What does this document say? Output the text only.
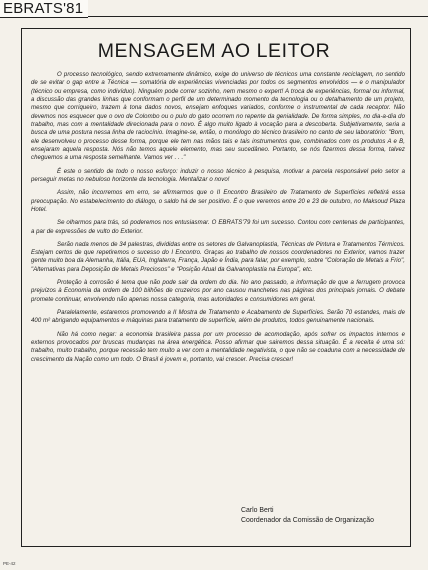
EBRATS'81
MENSAGEM AO LEITOR

O processo tecnológico, sendo extremamente dinâmico, exige do universo de técnicos uma constante reciclagem, no sentido de se evitar o gap entre a Técnica — somatória de experiências vivenciadas por todos os segmentos envolvidos — e o manipulador (técnico ou empresa, como indivíduo). Ninguém pode correr sozinho, nem mesmo o expert! A troca de experiências, formal ou informal, a discussão das grandes linhas que conformam o perfil de um determinado momento da tecnologia ou o detalhamento de um projeto, mesmo que corriqueiro, trazem à tona dados novos, ensejam enfoques variados, conforme o instrumental de cada receptor. Não devemos nos esquecer que o ovo de Colombo ou o pulo do gato ocorrem no repente da genialidade. De forma simples, no dia-a-dia do trabalho, mas com a mentalidade direcionada para o novo. É algo muito ligado à vocação para a descoberta. Subjetivamente, seria a busca de uma postura nessa linha de raciocínio. Imagine-se, então, o monólogo do técnico brasileiro no canto de seu laboratório: "Bom, ele desenvolveu o processo desse forma, porque ele tem nas mãos tais e tais instrumentos que, combinados com os produtos A e B, ensejaram aquela resposta. Nós não temos aquele elemento, mas seu sucedâneo. Portanto, se nós fizermos dessa forma, talvez cheguemos a uma resposta semelhante. Vamos ver . . ."

É este o sentido de todo o nosso esforço: induzir o nosso técnico à pesquisa, motivar a parcela responsável pelo setor a perseguir metas no nebuloso horizonte da tecnologia. Mentalizar o novo!

Assim, não incorremos em erro, se afirmarmos que o II Encontro Brasileiro de Tratamento de Superfícies refletirá essa preocupação. No estabelecimento do diálogo, o saldo há de ser positivo. É o que veremos entre 20 e 23 de outubro, no Maksoud Plaza Hotel.

Se olharmos para trás, só poderemos nos entusiasmar. O EBRATS'79 foi um sucesso. Contou com centenas de participantes, a par de expressões de vulto do Exterior.

Serão nada menos de 34 palestras, divididas entre os setores de Galvanoplastia, Técnicas de Pintura e Tratamentos Térmicos. Estejam certos de que repetiremos o sucesso do I Encontro. Graças ao trabalho de nossos coordenadores no Exterior, vamos trazer gente muito boa da Alemanha, Itália, EUA, Inglaterra, França, Japão e Índia, para falar, por exemplo, sobre "Coloração de Metais a Frio", "Alternativas para Deposição de Metais Preciosos" e "Posição Atual da Galvanoplastia na Europa", etc.

Proteção à corrosão é tema que não pode sair da ordem do dia. No ano passado, a informação de que a ferrugem provoca prejuízos à Economia da ordem de 100 bilhões de cruzeiros por ano causou manchetes nas páginas dos principais jornais. O debate promete continuar, envolvendo não apenas nossa categoria, mas autoridades e consumidores em geral.

Paralelamente, estaremos promovendo a II Mostra de Tratamento e Acabamento de Superfícies. Serão 70 estandes, mais de 400 m² abrigando equipamentos e máquinas para tratamento de superfície, além de produtos, todos genuinamente nacionais.

Não há como negar: a economia brasileira passa por um processo de acomodação, após sofrer os impactos internos e externos provocados por bruscas mudanças na área energética. Posso afirmar que sairemos dessa situação. É a receita é uma só: trabalho, muito trabalho, porque recessão tem muito a ver com a mentalidade negativista, o que não se coaduna com a necessidade de crescimento da Nação como um todo. O Brasil é jovem e, portanto, vai crescer. Precisa crescer!

Carlo Berti
Coordenador da Comissão de Organização
PE-42
